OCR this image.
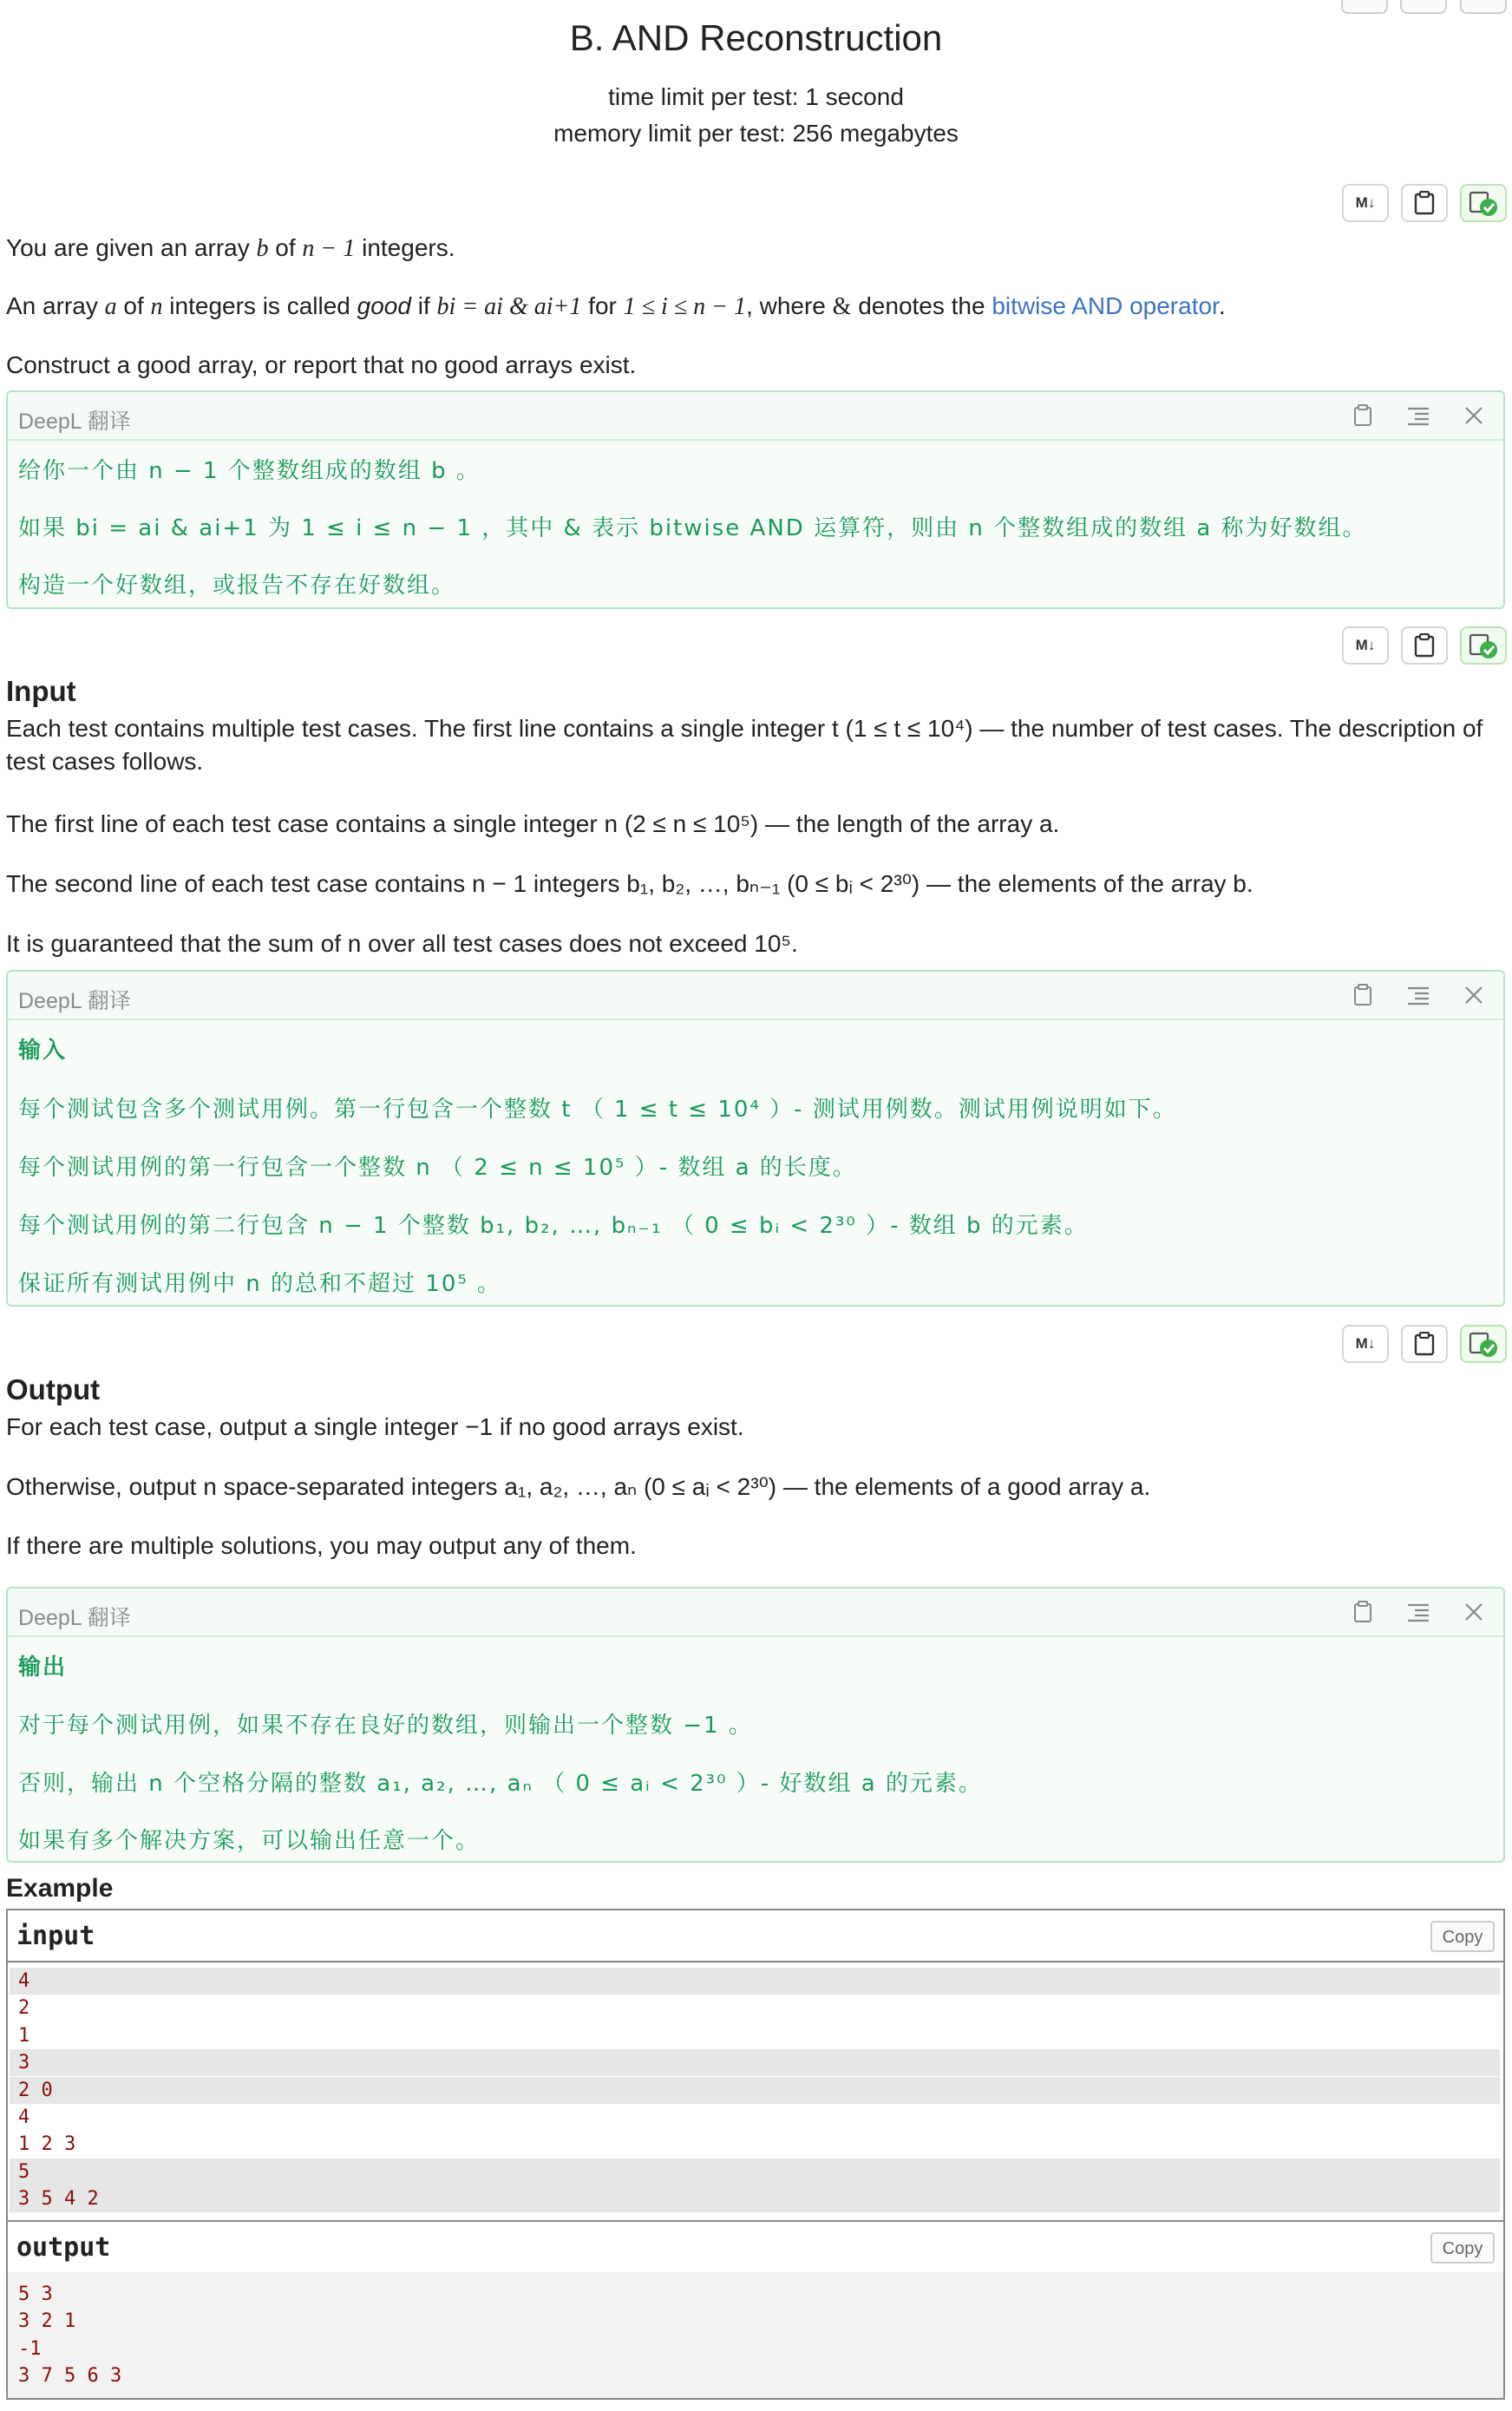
B. AND Reconstruction
time limit per test: 1 second
memory limit per test: 256 megabytes
M↓
You are given an array b of n − 1 integers.
An array a of n integers is called good if bi = ai & ai+1 for 1 ≤ i ≤ n − 1, where & denotes the bitwise AND operator.
Construct a good array, or report that no good arrays exist.
DeepL 翻译
给你一个由 n − 1 个整数组成的数组 b 。
如果 bi = ai & ai+1 为 1 ≤ i ≤ n − 1 ，其中 & 表示 bitwise AND 运算符，则由 n 个整数组成的数组 a 称为好数组。
构造一个好数组，或报告不存在好数组。
M↓
Input
Each test contains multiple test cases. The first line contains a single integer t (1 ≤ t ≤ 10⁴) — the number of test cases. The description of test cases follows.
The first line of each test case contains a single integer n (2 ≤ n ≤ 10⁵) — the length of the array a.
The second line of each test case contains n − 1 integers b₁, b₂, …, bₙ₋₁ (0 ≤ bᵢ < 2³⁰) — the elements of the array b.
It is guaranteed that the sum of n over all test cases does not exceed 10⁵.
DeepL 翻译
输入
每个测试包含多个测试用例。第一行包含一个整数 t （ 1 ≤ t ≤ 10⁴ ）- 测试用例数。测试用例说明如下。
每个测试用例的第一行包含一个整数 n （ 2 ≤ n ≤ 10⁵ ）- 数组 a 的长度。
每个测试用例的第二行包含 n − 1 个整数 b₁, b₂, …, bₙ₋₁ （ 0 ≤ bᵢ < 2³⁰ ）- 数组 b 的元素。
保证所有测试用例中 n 的总和不超过 10⁵ 。
M↓
Output
For each test case, output a single integer −1 if no good arrays exist.
Otherwise, output n space-separated integers a₁, a₂, …, aₙ (0 ≤ aᵢ < 2³⁰) — the elements of a good array a.
If there are multiple solutions, you may output any of them.
DeepL 翻译
输出
对于每个测试用例，如果不存在良好的数组，则输出一个整数 −1 。
否则，输出 n 个空格分隔的整数 a₁, a₂, …, aₙ （ 0 ≤ aᵢ < 2³⁰ ）- 好数组 a 的元素。
如果有多个解决方案，可以输出任意一个。
Example
input	Copy
4
2
1
3
2 0
4
1 2 3
5
3 5 4 2
output	Copy
5 3
3 2 1
-1
3 7 5 6 3
